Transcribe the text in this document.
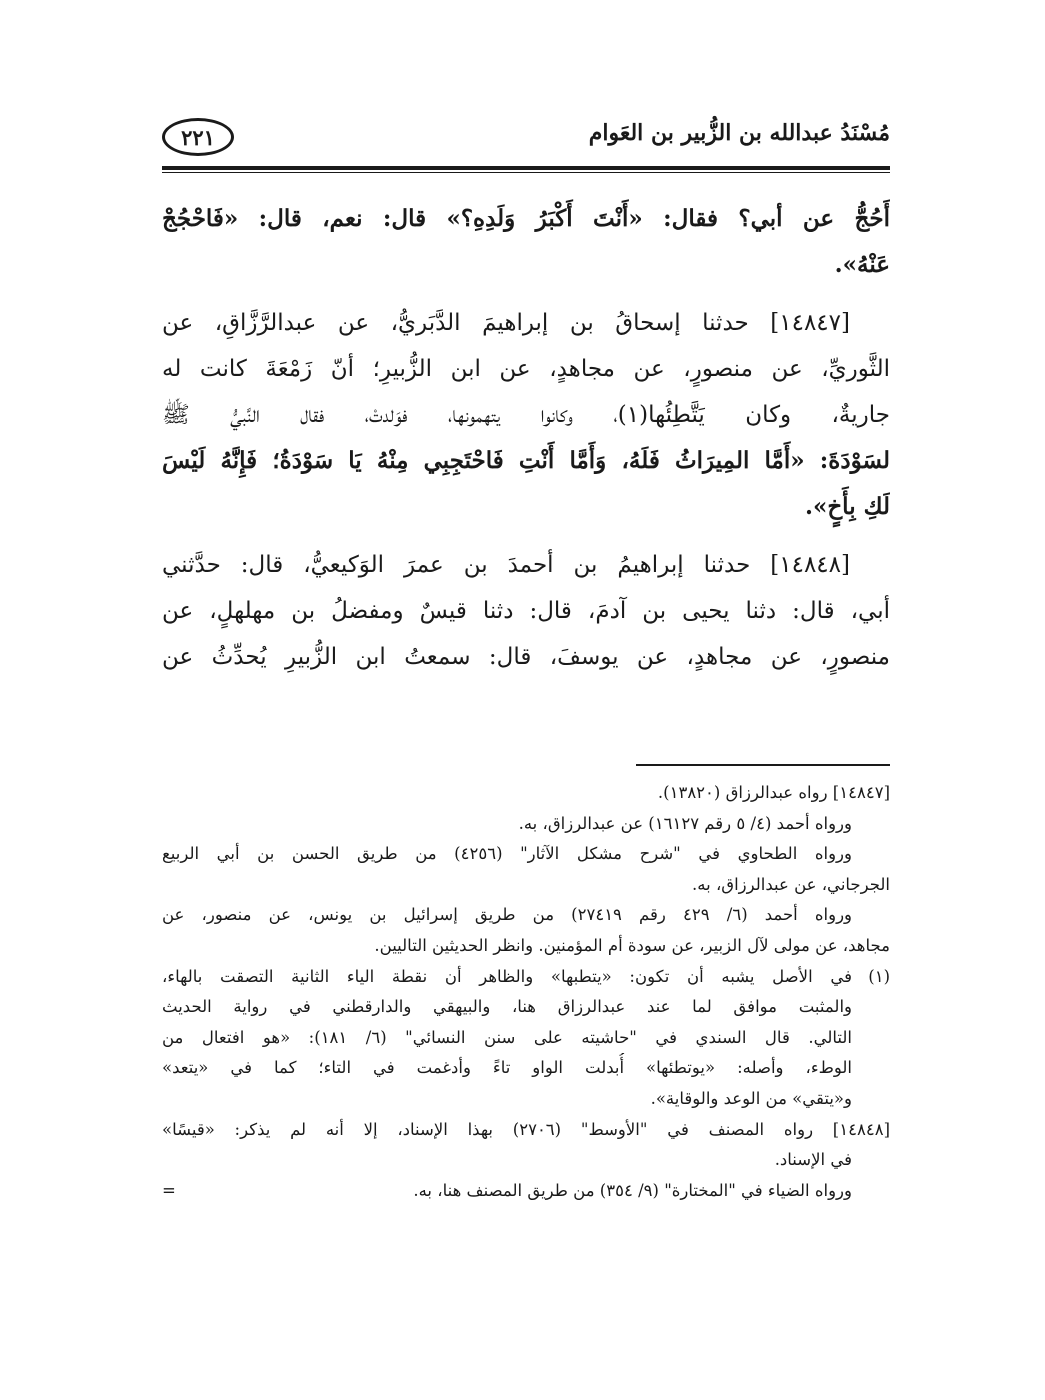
مُسْنَدُ عبدالله بن الزُّبير بن العَوام
٢٢١
أَحُجُّ عن أبي؟ فقال: «أَنْتَ أَكْبَرُ وَلَدِهِ؟» قال: نعم، قال: «فَاحْجُجْ
عَنْهُ».
[١٤٨٤٧] حدثنا إسحاقُ بن إبراهيمَ الدَّبَريُّ، عن عبدالرَّزَّاقِ، عن
الثَّوريِّ، عن منصورٍ، عن مجاهدٍ، عن ابن الزُّبيرِ؛ أنّ زَمْعَةَ كانت له
جاريةٌ، وكان يَتَّطِئُها(١)، وكانوا يتهمونها، فوَلدتْ، فقال النَّبيُّ ﷺ
لسَوْدَةَ: «أَمَّا المِيرَاثُ فَلَهُ، وَأَمَّا أَنْتِ فَاحْتَجِبِي مِنْهُ يَا سَوْدَةُ؛ فَإِنَّهُ لَيْسَ
لَكِ بِأَخٍ».
[١٤٨٤٨] حدثنا إبراهيمُ بن أحمدَ بن عمرَ الوَكيعيُّ، قال: حدَّثني
أبي، قال: دثنا يحيى بن آدمَ، قال: دثنا قيسٌ ومفضلُ بن مهلهلٍ، عن
منصورٍ، عن مجاهدٍ، عن يوسفَ، قال: سمعتُ ابن الزُّبيرِ يُحدِّثُ عن
[١٤٨٤٧] رواه عبدالرزاق (١٣٨٢٠).
ورواه أحمد (٤/ ٥ رقم ١٦١٢٧) عن عبدالرزاق، به.
ورواه الطحاوي في "شرح مشكل الآثار" (٤٢٥٦) من طريق الحسن بن أبي الربيع
الجرجاني، عن عبدالرزاق، به.
ورواه أحمد (٦/ ٤٢٩ رقم ٢٧٤١٩) من طريق إسرائيل بن يونس، عن منصور، عن
مجاهد، عن مولى لآل الزبير، عن سودة أم المؤمنين. وانظر الحديثين التاليين.
(١)
في الأصل يشبه أن تكون: «يتطبها» والظاهر أن نقطة الياء الثانية التصقت بالهاء،
والمثبت موافق لما عند عبدالرزاق هنا، والبيهقي والدارقطني في رواية الحديث
التالي. قال السندي في "حاشيته على سنن النسائي" (٦/ ١٨١): «هو افتعال من
الوطء، وأصله: «يوتطئها» أُبدلت الواو تاءً وأدغمت في التاء؛ كما في «يتعد»
و«يتقي» من الوعد والوقاية».
[١٤٨٤٨] رواه المصنف في "الأوسط" (٢٧٠٦) بهذا الإسناد، إلا أنه لم يذكر: «قيسًا»
في الإسناد.
ورواه الضياء في "المختارة" (٩/ ٣٥٤) من طريق المصنف هنا، به.
=
